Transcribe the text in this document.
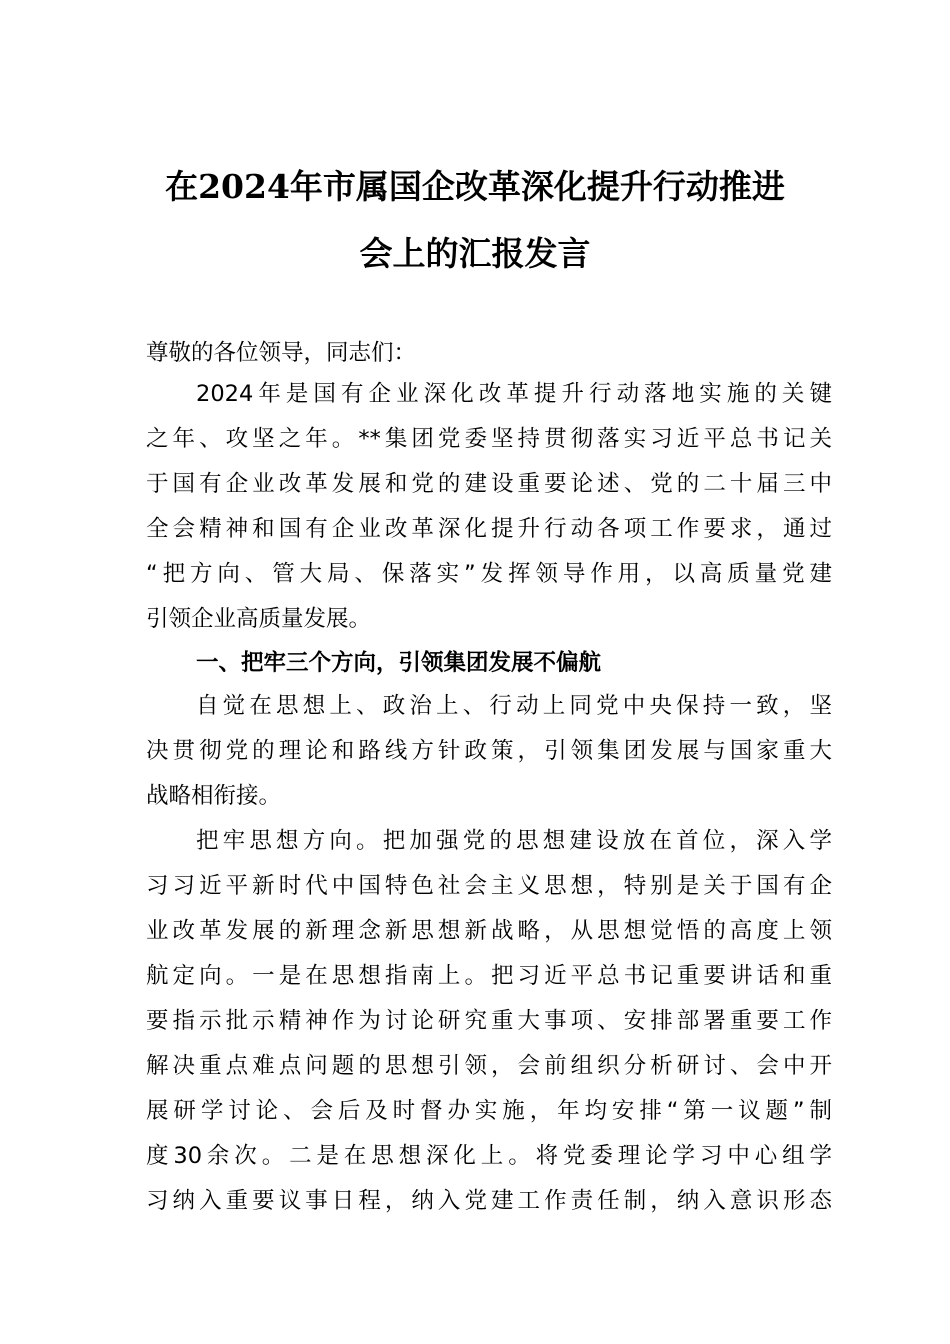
在2024年市属国企改革深化提升行动推进
会上的汇报发言
尊敬的各位领导，同志们：
2024年是国有企业深化改革提升行动落地实施的关键
之年、攻坚之年。**集团党委坚持贯彻落实习近平总书记关
于国有企业改革发展和党的建设重要论述、党的二十届三中
全会精神和国有企业改革深化提升行动各项工作要求，通过
“把方向、管大局、保落实”发挥领导作用，以高质量党建
引领企业高质量发展。
一、把牢三个方向，引领集团发展不偏航
自觉在思想上、政治上、行动上同党中央保持一致，坚
决贯彻党的理论和路线方针政策，引领集团发展与国家重大
战略相衔接。
把牢思想方向。把加强党的思想建设放在首位，深入学
习习近平新时代中国特色社会主义思想，特别是关于国有企
业改革发展的新理念新思想新战略，从思想觉悟的高度上领
航定向。一是在思想指南上。把习近平总书记重要讲话和重
要指示批示精神作为讨论研究重大事项、安排部署重要工作
解决重点难点问题的思想引领，会前组织分析研讨、会中开
展研学讨论、会后及时督办实施，年均安排“第一议题”制
度30余次。二是在思想深化上。将党委理论学习中心组学
习纳入重要议事日程，纳入党建工作责任制，纳入意识形态
